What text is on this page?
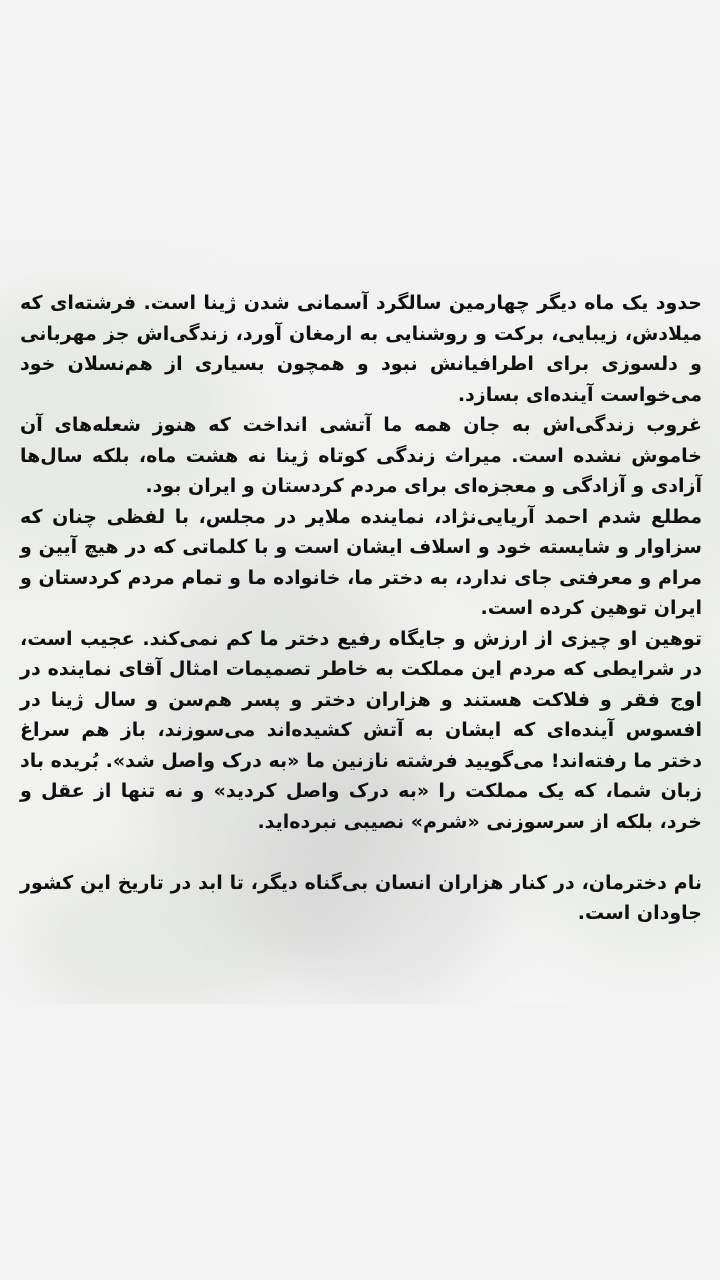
حدود یک ماه دیگر چهارمین سالگرد آسمانی شدن ژینا است. فرشته‌ای که میلادش، زیبایی، برکت و روشنایی به ارمغان آورد، زندگی‌اش جز مهربانی و دلسوزی برای اطرافیانش نبود و همچون بسیاری از هم‌نسلان خود می‌خواست آینده‌ای بسازد.

غروب زندگی‌اش به جان همه ما آتشی انداخت که هنوز شعله‌های آن خاموش نشده است. میراث زندگی کوتاه ژینا نه هشت ماه، بلکه سال‌ها آزادی و آزادگی و معجزه‌ای برای مردم کردستان و ایران بود.

مطلع شدم احمد آریایی‌نژاد، نماینده ملایر در مجلس، با لفظی چنان که سزاوار و شایسته خود و اسلاف ایشان است و با کلماتی که در هیچ آیین و مرام و معرفتی جای ندارد، به دختر ما، خانواده ما و تمام مردم کردستان و ایران توهین کرده است.

توهین او چیزی از ارزش و جایگاه رفیع دختر ما کم نمی‌کند. عجیب است، در شرایطی که مردم این مملکت به خاطر تصمیمات امثال آقای نماینده در اوج فقر و فلاکت هستند و هزاران دختر و پسر هم‌سن و سال ژینا در افسوس آینده‌ای که ایشان به آتش کشیده‌اند می‌سوزند، باز هم سراغ دختر ما رفته‌اند! می‌گویید فرشته نازنین ما «به درک واصل شد». بُریده باد زبان شما، که یک مملکت را «به درک واصل کردید» و نه تنها از عقل و خرد، بلکه از سرسوزنی «شرم» نصیبی نبرده‌اید.

نام دخترمان، در کنار هزاران انسان بی‌گناه دیگر، تا ابد در تاریخ این کشور جاودان است.
